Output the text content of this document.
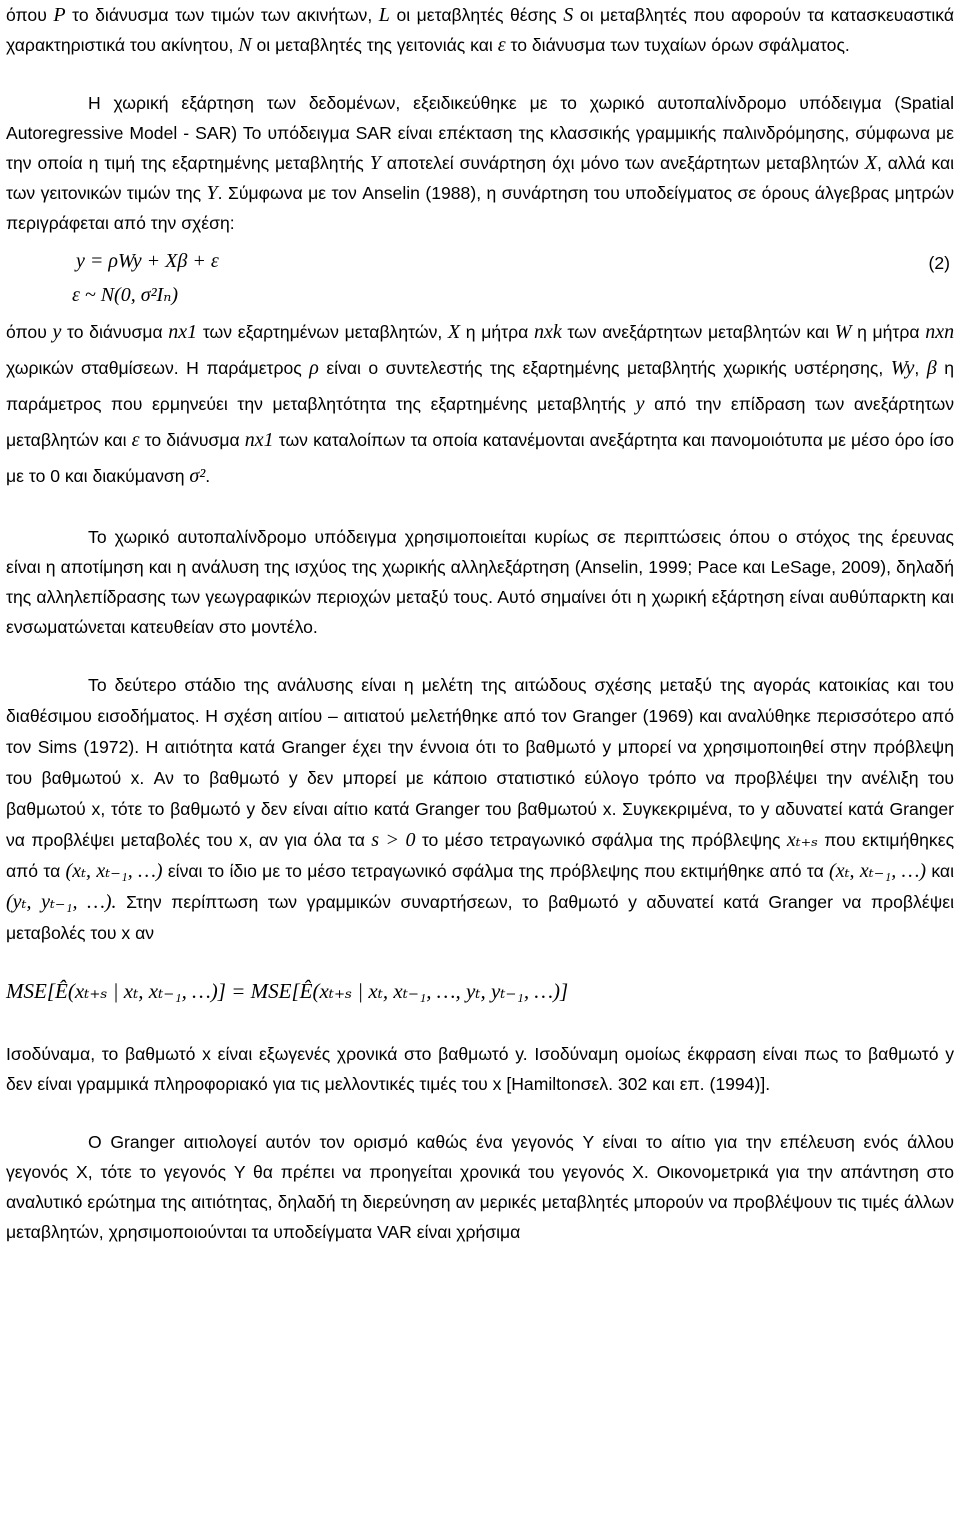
όπου P το διάνυσμα των τιμών των ακινήτων, L οι μεταβλητές θέσης S οι μεταβλητές που αφορούν τα κατασκευαστικά χαρακτηριστικά του ακίνητου, N οι μεταβλητές της γειτονιάς και ε το διάνυσμα των τυχαίων όρων σφάλματος.

Η χωρική εξάρτηση των δεδομένων, εξειδικεύθηκε με το χωρικό αυτοπαλίνδρομο υπόδειγμα (Spatial Autoregressive Model - SAR) Το υπόδειγμα SAR είναι επέκταση της κλασσικής γραμμικής παλινδρόμησης, σύμφωνα με την οποία η τιμή της εξαρτημένης μεταβλητής Y αποτελεί συνάρτηση όχι μόνο των ανεξάρτητων μεταβλητών X, αλλά και των γειτονικών τιμών της Y. Σύμφωνα με τον Anselin (1988), η συνάρτηση του υποδείγματος σε όρους άλγεβρας μητρών περιγράφεται από την σχέση:

y = ρWy + Xβ + ε	(2)
ε ~ N(0, σ²Iₙ)

όπου y το διάνυσμα nx1 των εξαρτημένων μεταβλητών, X η μήτρα nxk των ανεξάρτητων μεταβλητών και W η μήτρα nxn χωρικών σταθμίσεων. Η παράμετρος ρ είναι ο συντελεστής της εξαρτημένης μεταβλητής χωρικής υστέρησης, Wy, β η παράμετρος που ερμηνεύει την μεταβλητότητα της εξαρτημένης μεταβλητής y από την επίδραση των ανεξάρτητων μεταβλητών και ε το διάνυσμα nx1 των καταλοίπων τα οποία κατανέμονται ανεξάρτητα και πανομοιότυπα με μέσο όρο ίσο με το 0 και διακύμανση σ².

Το χωρικό αυτοπαλίνδρομο υπόδειγμα χρησιμοποιείται κυρίως σε περιπτώσεις όπου ο στόχος της έρευνας είναι η αποτίμηση και η ανάλυση της ισχύος της χωρικής αλληλεξάρτηση (Anselin, 1999; Pace και LeSage, 2009), δηλαδή της αλληλεπίδρασης των γεωγραφικών περιοχών μεταξύ τους. Αυτό σημαίνει ότι η χωρική εξάρτηση είναι αυθύπαρκτη και ενσωματώνεται κατευθείαν στο μοντέλο.

Το δεύτερο στάδιο της ανάλυσης είναι η μελέτη της αιτώδους σχέσης μεταξύ της αγοράς κατοικίας και του διαθέσιμου εισοδήματος. Η σχέση αιτίου – αιτιατού μελετήθηκε από τον Granger (1969) και αναλύθηκε περισσότερο από τον Sims (1972). Η αιτιότητα κατά Granger έχει την έννοια ότι το βαθμωτό y μπορεί να χρησιμοποιηθεί στην πρόβλεψη του βαθμωτού x. Αν το βαθμωτό y δεν μπορεί με κάποιο στατιστικό εύλογο τρόπο να προβλέψει την ανέλιξη του βαθμωτού x, τότε το βαθμωτό y δεν είναι αίτιο κατά Granger του βαθμωτού x. Συγκεκριμένα, το y αδυνατεί κατά Granger να προβλέψει μεταβολές του x, αν για όλα τα s > 0 το μέσο τετραγωνικό σφάλμα της πρόβλεψης xₜ₊ₛ που εκτιμήθηκες από τα (xₜ, xₜ₋₁, …) είναι το ίδιο με το μέσο τετραγωνικό σφάλμα της πρόβλεψης που εκτιμήθηκε από τα (xₜ, xₜ₋₁, …) και (yₜ, yₜ₋₁, …). Στην περίπτωση των γραμμικών συναρτήσεων, το βαθμωτό y αδυνατεί κατά Granger να προβλέψει μεταβολές του x αν

MSE[Ê(xₜ₊ₛ | xₜ, xₜ₋₁, …)] = MSE[Ê(xₜ₊ₛ | xₜ, xₜ₋₁, …, yₜ, yₜ₋₁, …)]

Ισοδύναμα, το βαθμωτό x είναι εξωγενές χρονικά στο βαθμωτό y. Ισοδύναμη ομοίως έκφραση είναι πως το βαθμωτό y δεν είναι γραμμικά πληροφοριακό για τις μελλοντικές τιμές του x [Hamiltonσελ. 302 και επ. (1994)].

Ο Granger αιτιολογεί αυτόν τον ορισμό καθώς ένα γεγονός Y είναι το αίτιο για την επέλευση ενός άλλου γεγονός X, τότε το γεγονός Y θα πρέπει να προηγείται χρονικά του γεγονός X. Οικονομετρικά για την απάντηση στο αναλυτικό ερώτημα της αιτιότητας, δηλαδή τη διερεύνηση αν μερικές μεταβλητές μπορούν να προβλέψουν τις τιμές άλλων μεταβλητών, χρησιμοποιούνται τα υποδείγματα VAR είναι χρήσιμα
